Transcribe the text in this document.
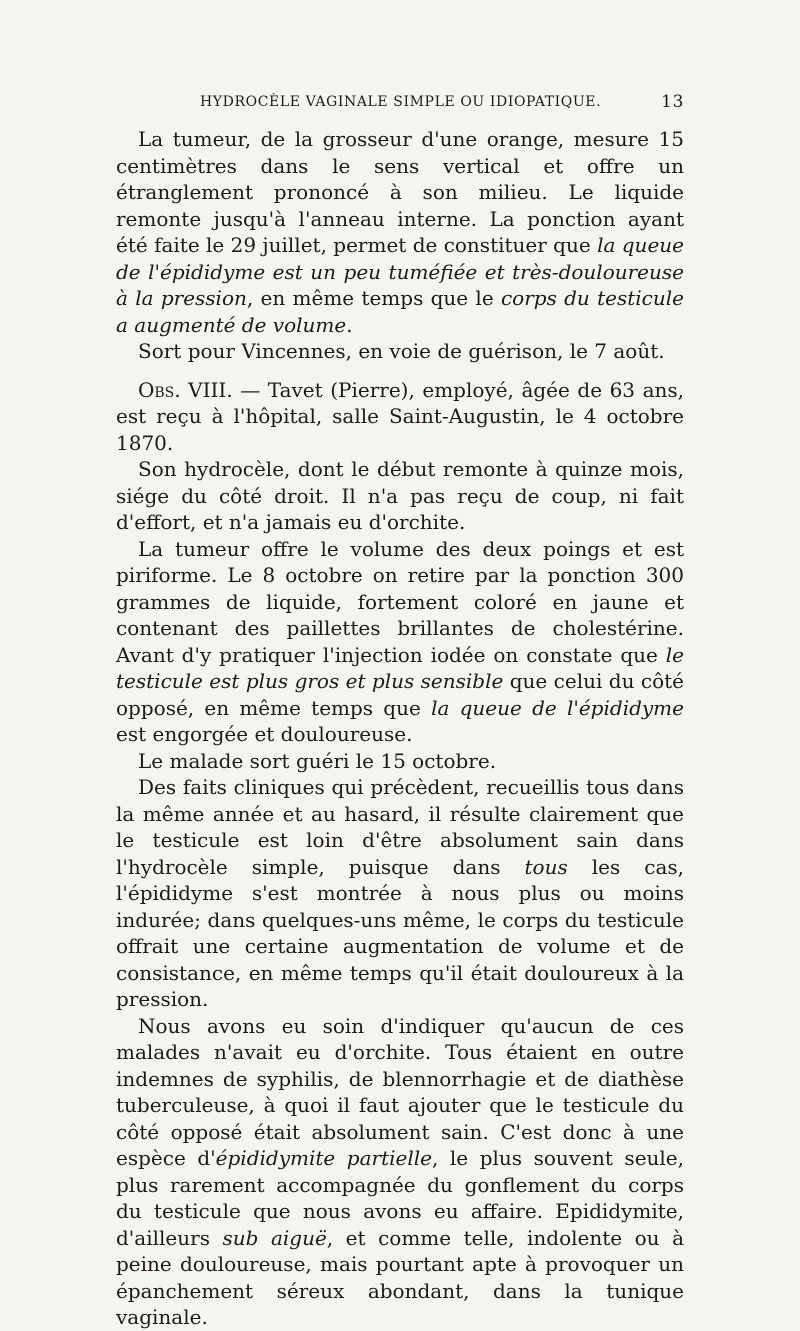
HYDROCÈLE VAGINALE SIMPLE OU IDIOPATIQUE.	13

La tumeur, de la grosseur d'une orange, mesure 15 centimètres dans le sens vertical et offre un étranglement prononcé à son milieu. Le liquide remonte jusqu'à l'anneau interne. La ponction ayant été faite le 29 juillet, permet de constituer que la queue de l'épididyme est un peu tuméfiée et très-douloureuse à la pression, en même temps que le corps du testicule a augmenté de volume.

Sort pour Vincennes, en voie de guérison, le 7 août.

Obs. VIII. — Tavet (Pierre), employé, âgée de 63 ans, est reçu à l'hôpital, salle Saint-Augustin, le 4 octobre 1870.

Son hydrocèle, dont le début remonte à quinze mois, siége du côté droit. Il n'a pas reçu de coup, ni fait d'effort, et n'a jamais eu d'orchite.

La tumeur offre le volume des deux poings et est piriforme. Le 8 octobre on retire par la ponction 300 grammes de liquide, fortement coloré en jaune et contenant des paillettes brillantes de cholestérine. Avant d'y pratiquer l'injection iodée on constate que le testicule est plus gros et plus sensible que celui du côté opposé, en même temps que la queue de l'épididyme est engorgée et douloureuse.

Le malade sort guéri le 15 octobre.

Des faits cliniques qui précèdent, recueillis tous dans la même année et au hasard, il résulte clairement que le testicule est loin d'être absolument sain dans l'hydrocèle simple, puisque dans tous les cas, l'épididyme s'est montrée à nous plus ou moins indurée; dans quelques-uns même, le corps du testicule offrait une certaine augmentation de volume et de consistance, en même temps qu'il était douloureux à la pression.

Nous avons eu soin d'indiquer qu'aucun de ces malades n'avait eu d'orchite. Tous étaient en outre indemnes de syphilis, de blennorrhagie et de diathèse tuberculeuse, à quoi il faut ajouter que le testicule du côté opposé était absolument sain. C'est donc à une espèce d'épididymite partielle, le plus souvent seule, plus rarement accompagnée du gonflement du corps du testicule que nous avons eu affaire. Epididymite, d'ailleurs sub aiguë, et comme telle, indolente ou à peine douloureuse, mais pourtant apte à provoquer un épanchement séreux abondant, dans la tunique vaginale.
